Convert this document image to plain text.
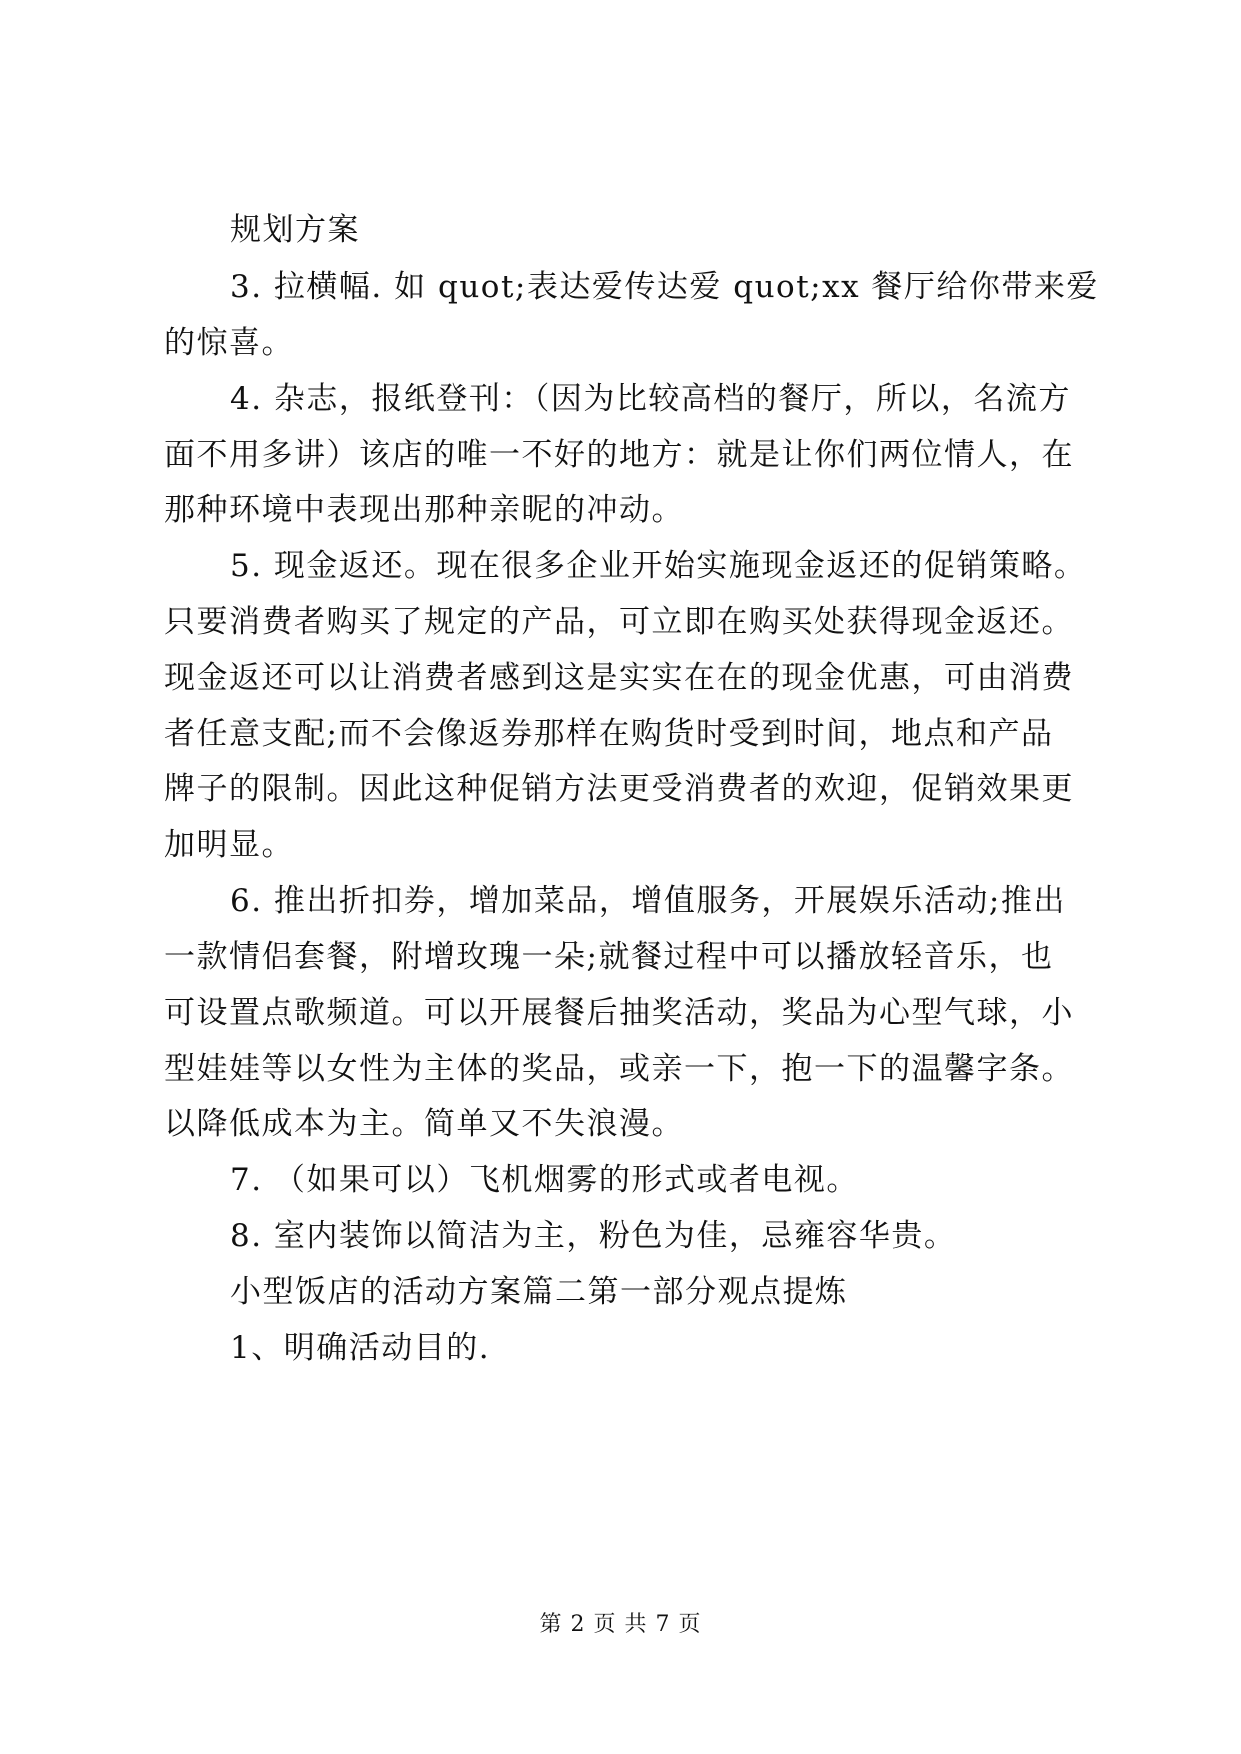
规划方案
3. 拉横幅. 如 quot;表达爱传达爱 quot;xx 餐厅给你带来爱
的惊喜。
4. 杂志，报纸登刊：（因为比较高档的餐厅，所以，名流方
面不用多讲）该店的唯一不好的地方：就是让你们两位情人，在
那种环境中表现出那种亲昵的冲动。
5. 现金返还。现在很多企业开始实施现金返还的促销策略。
只要消费者购买了规定的产品，可立即在购买处获得现金返还。
现金返还可以让消费者感到这是实实在在的现金优惠，可由消费
者任意支配;而不会像返券那样在购货时受到时间，地点和产品
牌子的限制。因此这种促销方法更受消费者的欢迎，促销效果更
加明显。
6. 推出折扣券，增加菜品，增值服务，开展娱乐活动;推出
一款情侣套餐，附增玫瑰一朵;就餐过程中可以播放轻音乐，也
可设置点歌频道。可以开展餐后抽奖活动，奖品为心型气球，小
型娃娃等以女性为主体的奖品，或亲一下，抱一下的温馨字条。
以降低成本为主。简单又不失浪漫。
7. （如果可以）飞机烟雾的形式或者电视。
8. 室内装饰以简洁为主，粉色为佳，忌雍容华贵。
小型饭店的活动方案篇二第一部分观点提炼
1、明确活动目的.
第 2 页 共 7 页
